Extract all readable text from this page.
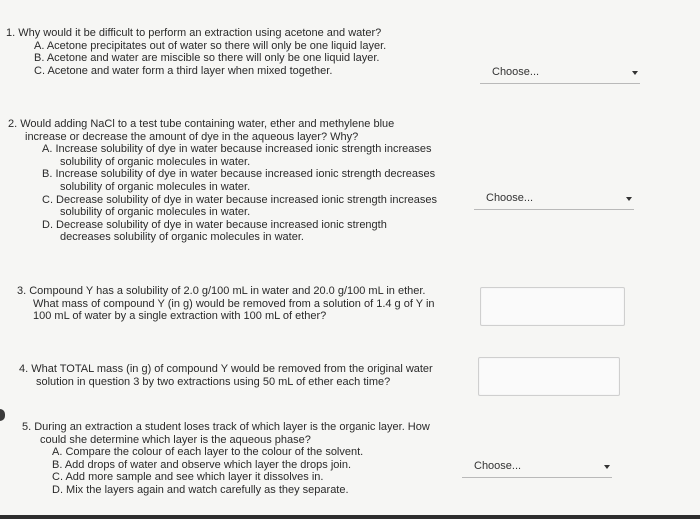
1. Why would it be difficult to perform an extraction using acetone and water?

A. Acetone precipitates out of water so there will only be one liquid layer.

B. Acetone and water are miscible so there will only be one liquid layer.

C. Acetone and water form a third layer when mixed together.	Choose...

2. Would adding NaCl to a test tube containing water, ether and methylene blue

increase or decrease the amount of dye in the aqueous layer? Why?

A. Increase solubility of dye in water because increased ionic strength increases

solubility of organic molecules in water.

B. Increase solubility of dye in water because increased ionic strength decreases

solubility of organic molecules in water.

C. Decrease solubility of dye in water because increased ionic strength increases

solubility of organic molecules in water.

D. Decrease solubility of dye in water because increased ionic strength

decreases solubility of organic molecules in water.

Choose...

3. Compound Y has a solubility of 2.0 g/100 mL in water and 20.0 g/100 mL in ether.

What mass of compound Y (in g) would be removed from a solution of 1.4 g of Y in

100 mL of water by a single extraction with 100 mL of ether?

4. What TOTAL mass (in g) of compound Y would be removed from the original water

solution in question 3 by two extractions using 50 mL of ether each time?

5. During an extraction a student loses track of which layer is the organic layer. How

could she determine which layer is the aqueous phase?

A. Compare the colour of each layer to the colour of the solvent.

B. Add drops of water and observe which layer the drops join.

C. Add more sample and see which layer it dissolves in.

D. Mix the layers again and watch carefully as they separate.

Choose...
